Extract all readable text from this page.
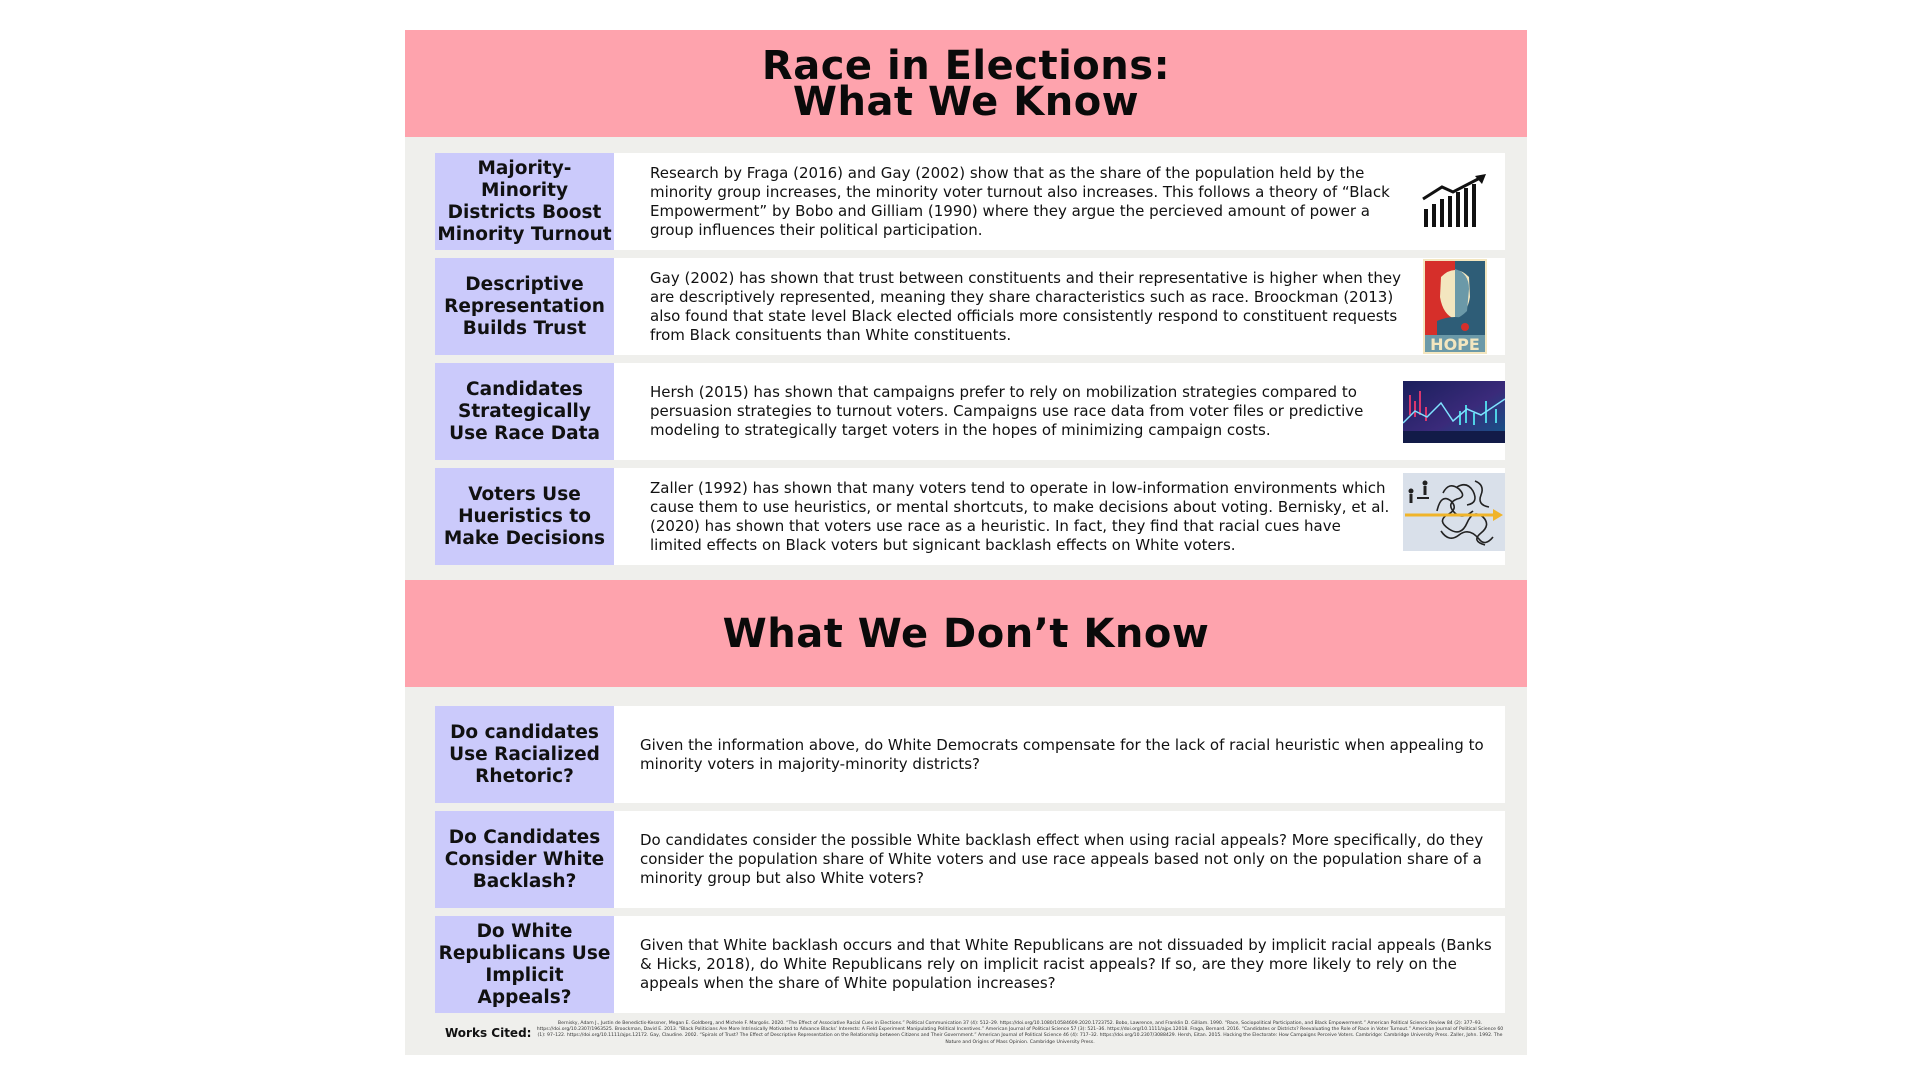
Race in Elections:
What We Know
Majority-Minority Districts Boost Minority Turnout
Research by Fraga (2016) and Gay (2002) show that as the share of the population held by the minority group increases, the minority voter turnout also increases. This follows a theory of “Black Empowerment” by Bobo and Gilliam (1990) where they argue the percieved amount of power a group influences their political participation.
Descriptive Representation Builds Trust
Gay (2002) has shown that trust between constituents and their representative is higher when they are descriptively represented, meaning they share characteristics such as race. Broockman (2013) also found that state level Black elected officials more consistently respond to constituent requests from Black consituents than White constituents.
HOPE
Candidates Strategically Use Race Data
Hersh (2015) has shown that campaigns prefer to rely on mobilization strategies compared to persuasion strategies to turnout voters. Campaigns use race data from voter files or predictive modeling to strategically target voters in the hopes of minimizing campaign costs.
Voters Use Hueristics to Make Decisions
Zaller (1992) has shown that many voters tend to operate in low-information environments which cause them to use heuristics, or mental shortcuts, to make decisions about voting. Bernisky, et al. (2020) has shown that voters use race as a heuristic. In fact, they find that racial cues have limited effects on Black voters but signicant backlash effects on White voters.
What We Don’t Know
Do candidates Use Racialized Rhetoric?
Given the information above, do White Democrats compensate for the lack of racial heuristic when appealing to minority voters in majority-minority districts?
Do Candidates Consider White Backlash?
Do candidates consider the possible White backlash effect when using racial appeals? More specifically, do they consider the population share of White voters and use race appeals based not only on the population share of a minority group but also White voters?
Do White Republicans Use Implicit Appeals?
Given that White backlash occurs and that White Republicans are not dissuaded by implicit racial appeals (Banks & Hicks, 2018), do White Republicans rely on implicit racist appeals? If so, are they more likely to rely on the appeals when the share of White population increases?
Works Cited:
Bernisky, Adam J., Justin de Benedictis-Kessner, Megan E. Goldberg, and Michele F. Margolis. 2020. “The Effect of Associative Racial Cues in Elections.” Political Communication 37 (4): 512–29. https://doi.org/10.1080/10584609.2020.1723752. Bobo, Lawrence, and Franklin D. Gilliam. 1990. “Race, Sociopolitical Participation, and Black Empowerment.” American Political Science Review 84 (2): 377–93. https://doi.org/10.2307/1963525. Broockman, David E. 2013. “Black Politicians Are More Intrinsically Motivated to Advance Blacks’ Interests: A Field Experiment Manipulating Political Incentives.” American Journal of Political Science 57 (3): 521–36. https://doi.org/10.1111/ajps.12018. Fraga, Bernard. 2016. “Candidates or Districts? Reevaluating the Role of Race in Voter Turnout.” American Journal of Political Science 60 (1): 97–122. https://doi.org/10.1111/ajps.12172. Gay, Claudine. 2002. “Spirals of Trust? The Effect of Descriptive Representation on the Relationship between Citizens and Their Government.” American Journal of Political Science 46 (4): 717–32. https://doi.org/10.2307/3088429. Hersh, Eitan. 2015. Hacking the Electorate: How Campaigns Perceive Voters. Cambridge: Cambridge University Press. Zaller, John. 1992. The Nature and Origins of Mass Opinion. Cambridge University Press.
